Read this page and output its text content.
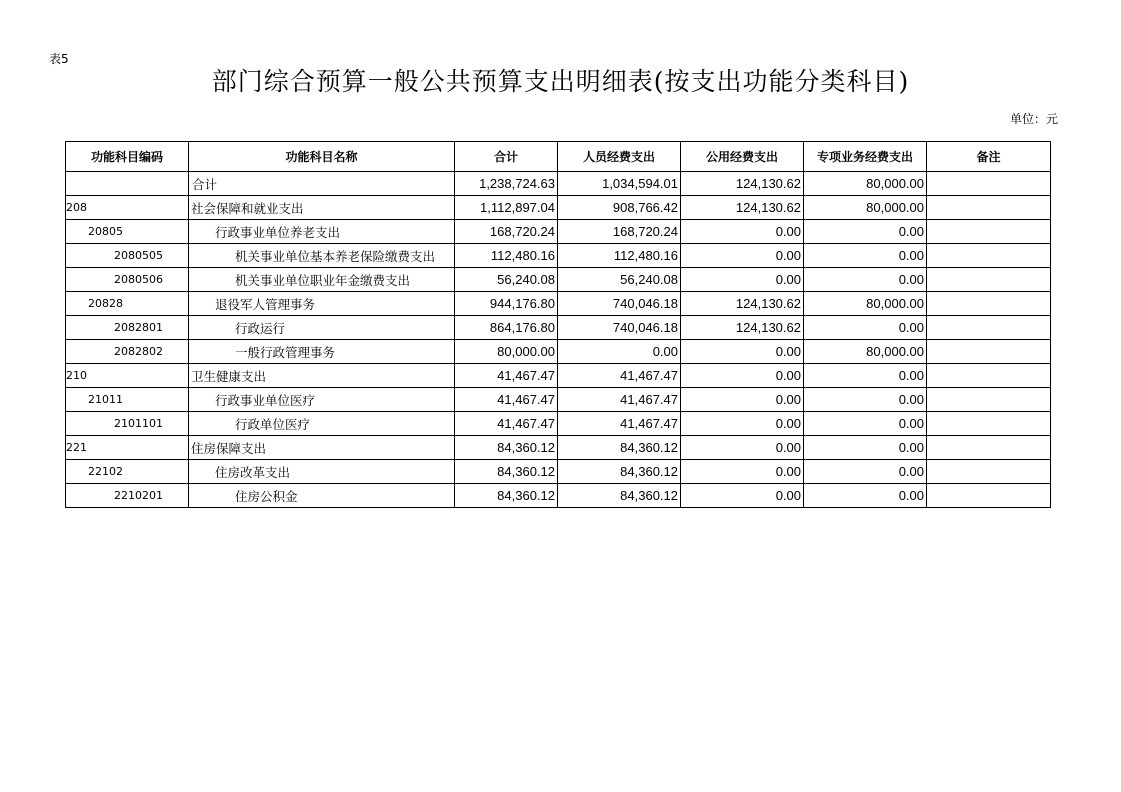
表5
部门综合预算一般公共预算支出明细表(按支出功能分类科目)
单位：元
功能科目编码	功能科目名称	合计	人员经费支出	公用经费支出	专项业务经费支出	备注
	合计	1,238,724.63	1,034,594.01	124,130.62	80,000.00	
208	社会保障和就业支出	1,112,897.04	908,766.42	124,130.62	80,000.00	
20805	行政事业单位养老支出	168,720.24	168,720.24	0.00	0.00	
2080505	机关事业单位基本养老保险缴费支出	112,480.16	112,480.16	0.00	0.00	
2080506	机关事业单位职业年金缴费支出	56,240.08	56,240.08	0.00	0.00	
20828	退役军人管理事务	944,176.80	740,046.18	124,130.62	80,000.00	
2082801	行政运行	864,176.80	740,046.18	124,130.62	0.00	
2082802	一般行政管理事务	80,000.00	0.00	0.00	80,000.00	
210	卫生健康支出	41,467.47	41,467.47	0.00	0.00	
21011	行政事业单位医疗	41,467.47	41,467.47	0.00	0.00	
2101101	行政单位医疗	41,467.47	41,467.47	0.00	0.00	
221	住房保障支出	84,360.12	84,360.12	0.00	0.00	
22102	住房改革支出	84,360.12	84,360.12	0.00	0.00	
2210201	住房公积金	84,360.12	84,360.12	0.00	0.00	
